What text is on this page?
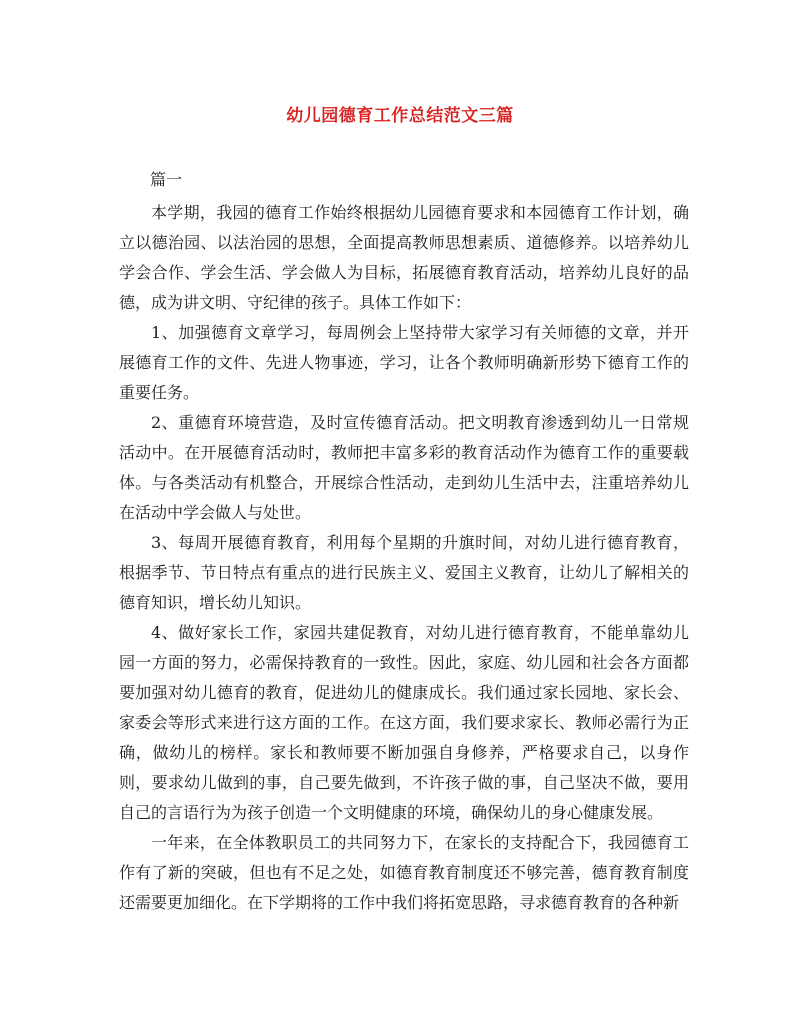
幼儿园德育工作总结范文三篇
篇一

本学期，我园的德育工作始终根据幼儿园德育要求和本园德育工作计划，确立以德治园、以法治园的思想，全面提高教师思想素质、道德修养。以培养幼儿学会合作、学会生活、学会做人为目标，拓展德育教育活动，培养幼儿良好的品德，成为讲文明、守纪律的孩子。具体工作如下：

1、加强德育文章学习，每周例会上坚持带大家学习有关师德的文章，并开展德育工作的文件、先进人物事迹，学习，让各个教师明确新形势下德育工作的重要任务。

2、重德育环境营造，及时宣传德育活动。把文明教育渗透到幼儿一日常规活动中。在开展德育活动时，教师把丰富多彩的教育活动作为德育工作的重要载体。与各类活动有机整合，开展综合性活动，走到幼儿生活中去，注重培养幼儿在活动中学会做人与处世。

3、每周开展德育教育，利用每个星期的升旗时间，对幼儿进行德育教育，根据季节、节日特点有重点的进行民族主义、爱国主义教育，让幼儿了解相关的德育知识，增长幼儿知识。

4、做好家长工作，家园共建促教育，对幼儿进行德育教育，不能单靠幼儿园一方面的努力，必需保持教育的一致性。因此，家庭、幼儿园和社会各方面都要加强对幼儿德育的教育，促进幼儿的健康成长。我们通过家长园地、家长会、家委会等形式来进行这方面的工作。在这方面，我们要求家长、教师必需行为正确，做幼儿的榜样。家长和教师要不断加强自身修养，严格要求自己，以身作则，要求幼儿做到的事，自己要先做到，不许孩子做的事，自己坚决不做，要用自己的言语行为为孩子创造一个文明健康的环境，确保幼儿的身心健康发展。

一年来，在全体教职员工的共同努力下，在家长的支持配合下，我园德育工作有了新的突破，但也有不足之处，如德育教育制度还不够完善，德育教育制度还需要更加细化。在下学期将的工作中我们将拓宽思路，寻求德育教育的各种新
